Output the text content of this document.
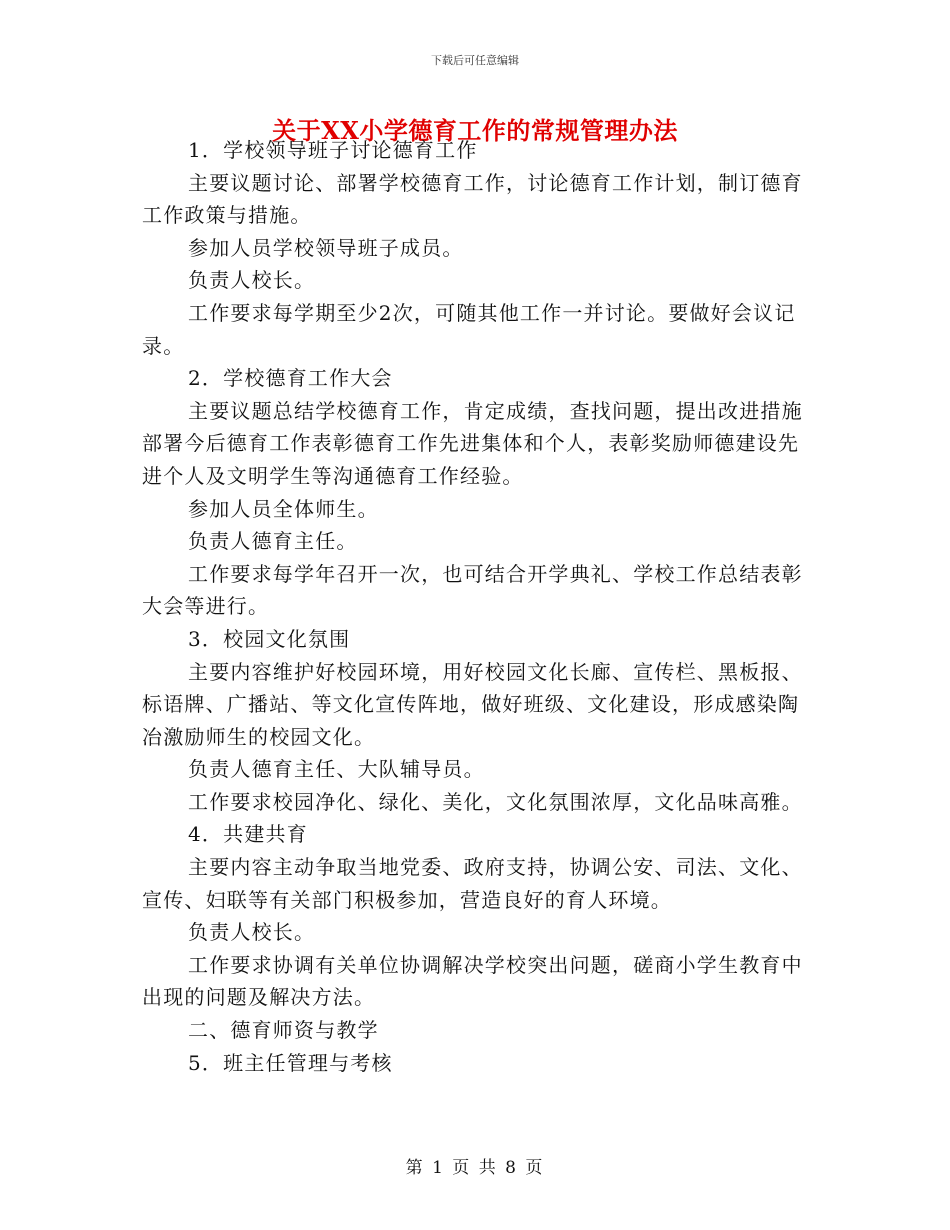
下载后可任意编辑
关于XX小学德育工作的常规管理办法

1．学校领导班子讨论德育工作

主要议题讨论、部署学校德育工作，讨论德育工作计划，制订德育工作政策与措施。

参加人员学校领导班子成员。

负责人校长。

工作要求每学期至少2次，可随其他工作一并讨论。要做好会议记录。

2．学校德育工作大会

主要议题总结学校德育工作，肯定成绩，查找问题，提出改进措施部署今后德育工作表彰德育工作先进集体和个人，表彰奖励师德建设先进个人及文明学生等沟通德育工作经验。

参加人员全体师生。

负责人德育主任。

工作要求每学年召开一次，也可结合开学典礼、学校工作总结表彰大会等进行。

3．校园文化氛围

主要内容维护好校园环境，用好校园文化长廊、宣传栏、黑板报、标语牌、广播站、等文化宣传阵地，做好班级、文化建设，形成感染陶冶激励师生的校园文化。

负责人德育主任、大队辅导员。

工作要求校园净化、绿化、美化，文化氛围浓厚，文化品味高雅。

4．共建共育

主要内容主动争取当地党委、政府支持，协调公安、司法、文化、宣传、妇联等有关部门积极参加，营造良好的育人环境。

负责人校长。

工作要求协调有关单位协调解决学校突出问题，磋商小学生教育中出现的问题及解决方法。

二、德育师资与教学

5．班主任管理与考核

第 1 页 共 8 页
